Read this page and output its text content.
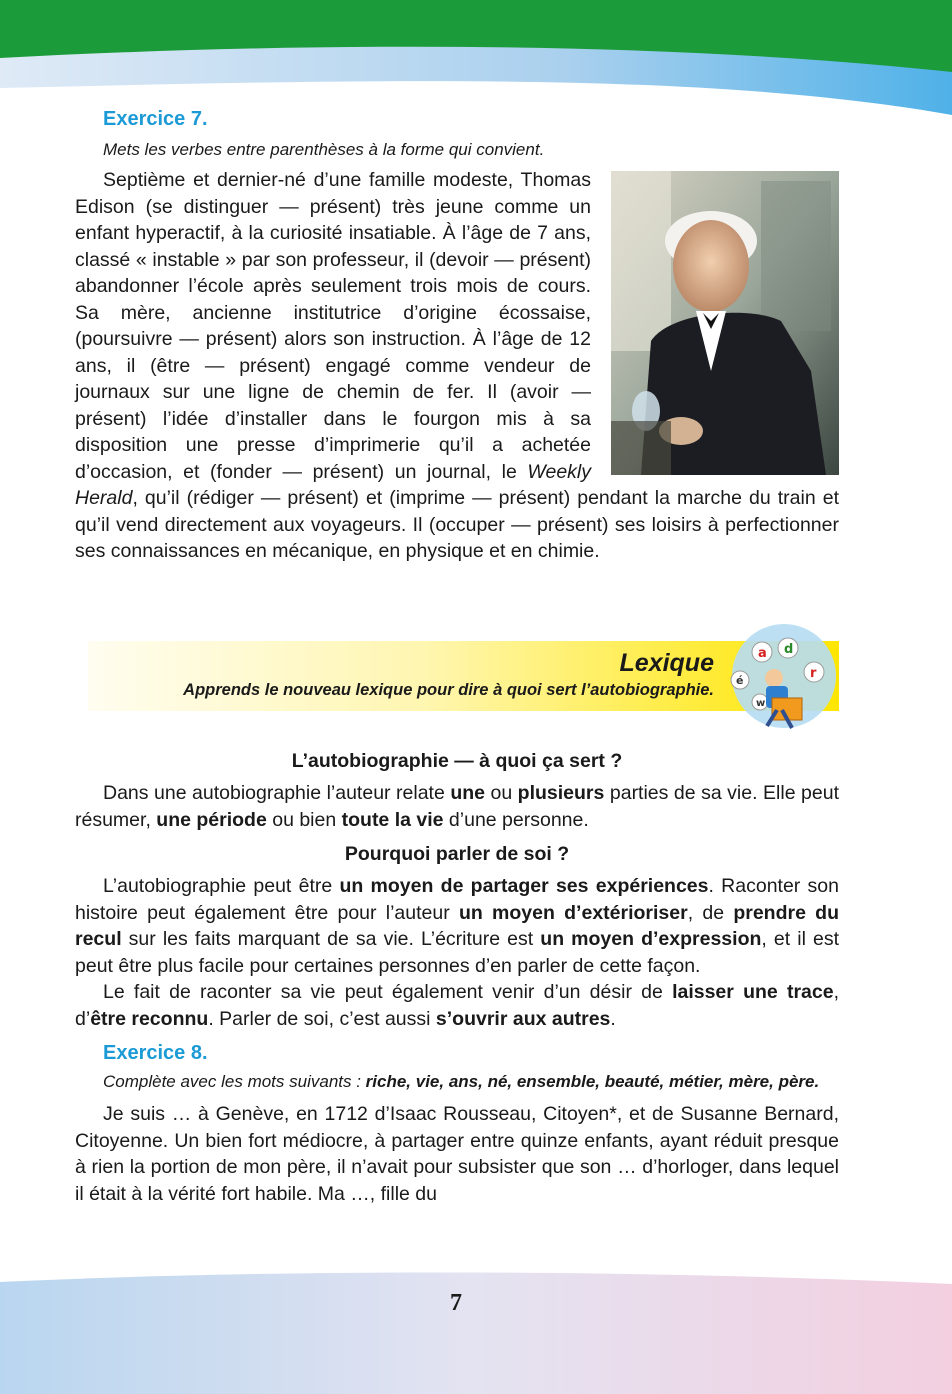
Exercice 7.
Mets les verbes entre parenthèses à la forme qui convient.

Septième et dernier-né d’une famille modeste, Thomas Edison (se distinguer — présent) très jeune comme un enfant hyperactif, à la curiosité insatiable. À l’âge de 7 ans, classé « instable » par son professeur, il (devoir — présent) abandonner l’école après seulement trois mois de cours. Sa mère, ancienne institutrice d’origine écossaise, (poursuivre — présent) alors son instruction. À l’âge de 12 ans, il (être — présent) engagé comme vendeur de journaux sur une ligne de chemin de fer. Il (avoir — présent) l’idée d’installer dans le fourgon mis à sa disposition une presse d’imprimerie qu’il a achetée d’occasion, et (fonder — présent) un journal, le Weekly Herald, qu’il (rédiger — présent) et (imprime — présent) pendant la marche du train et qu’il vend directement aux voyageurs. Il (occuper — présent) ses loisirs à perfectionner ses connaissances en mécanique, en physique et en chimie.

Lexique
Apprends le nouveau lexique pour dire à quoi sert l’autobiographie.
a d
r
é
w
L’autobiographie — à quoi ça sert ?

Dans une autobiographie l’auteur relate une ou plusieurs parties de sa vie. Elle peut résumer, une période ou bien toute la vie d’une personne.

Pourquoi parler de soi ?

L’autobiographie peut être un moyen de partager ses expériences. Raconter son histoire peut également être pour l’auteur un moyen d’extérioriser, de prendre du recul sur les faits marquant de sa vie. L’écriture est un moyen d’expression, et il est peut être plus facile pour certaines personnes d’en parler de cette façon.

Le fait de raconter sa vie peut également venir d’un désir de laisser une trace, d’être reconnu. Parler de soi, c’est aussi s’ouvrir aux autres.

Exercice 8.

Complète avec les mots suivants : riche, vie, ans, né, ensemble, beauté, métier, mère, père.

Je suis … à Genève, en 1712 d’Isaac Rousseau, Citoyen*, et de Susanne Bernard, Citoyenne. Un bien fort médiocre, à partager entre quinze enfants, ayant réduit presque à rien la portion de mon père, il n’avait pour subsister que son … d’horloger, dans lequel il était à la vérité fort habile. Ma …, fille du

7
